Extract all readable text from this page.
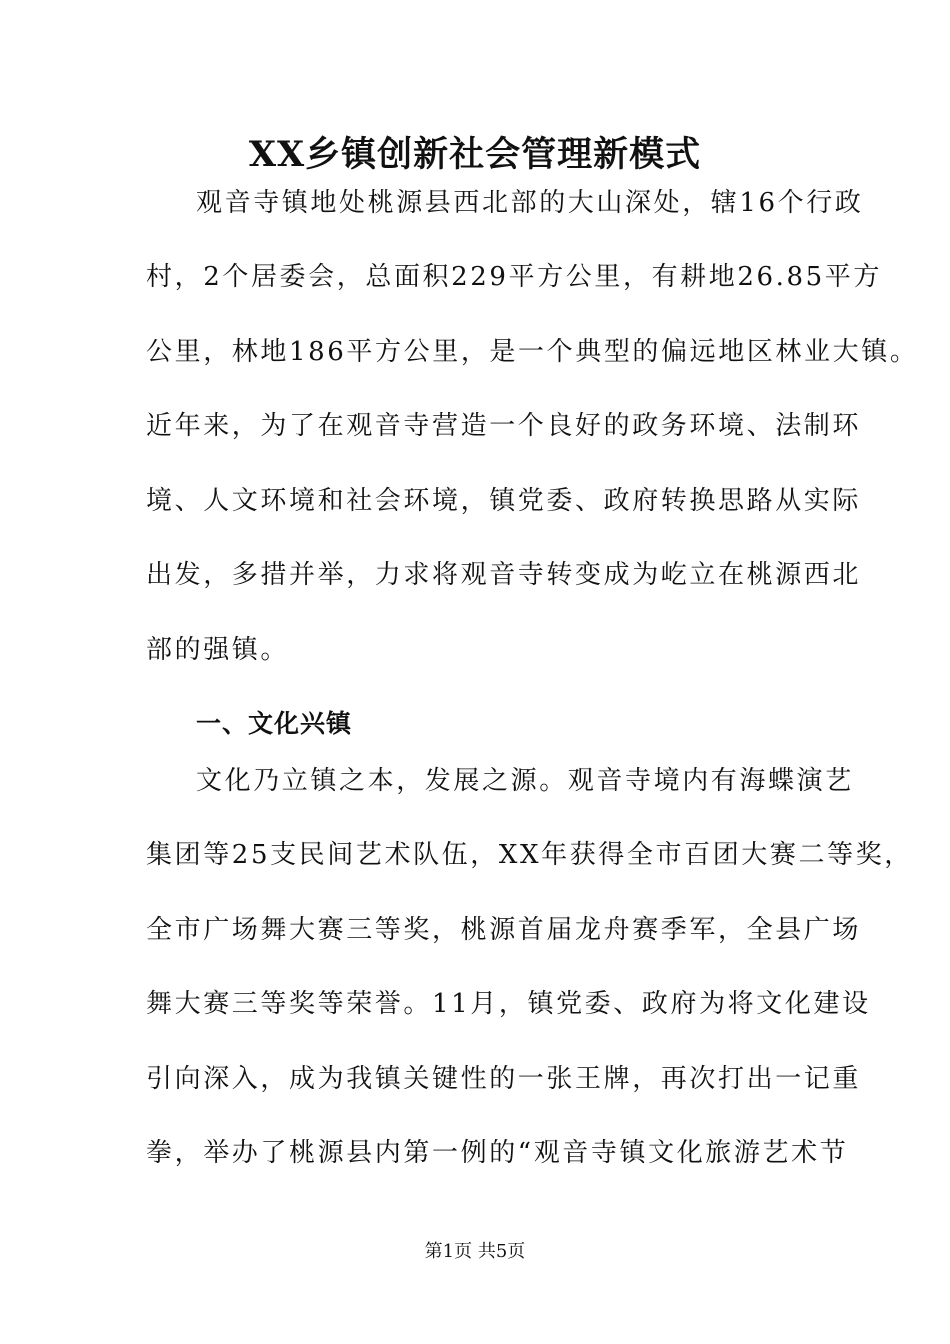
XX乡镇创新社会管理新模式
观音寺镇地处桃源县西北部的大山深处，辖16个行政
村，2个居委会，总面积229平方公里，有耕地26.85平方
公里，林地186平方公里，是一个典型的偏远地区林业大镇。
近年来，为了在观音寺营造一个良好的政务环境、法制环
境、人文环境和社会环境，镇党委、政府转换思路从实际
出发，多措并举，力求将观音寺转变成为屹立在桃源西北
部的强镇。
一、文化兴镇
文化乃立镇之本，发展之源。观音寺境内有海蝶演艺
集团等25支民间艺术队伍，XX年获得全市百团大赛二等奖，
全市广场舞大赛三等奖，桃源首届龙舟赛季军，全县广场
舞大赛三等奖等荣誉。11月，镇党委、政府为将文化建设
引向深入，成为我镇关键性的一张王牌，再次打出一记重
拳，举办了桃源县内第一例的“观音寺镇文化旅游艺术节
第1页 共5页
